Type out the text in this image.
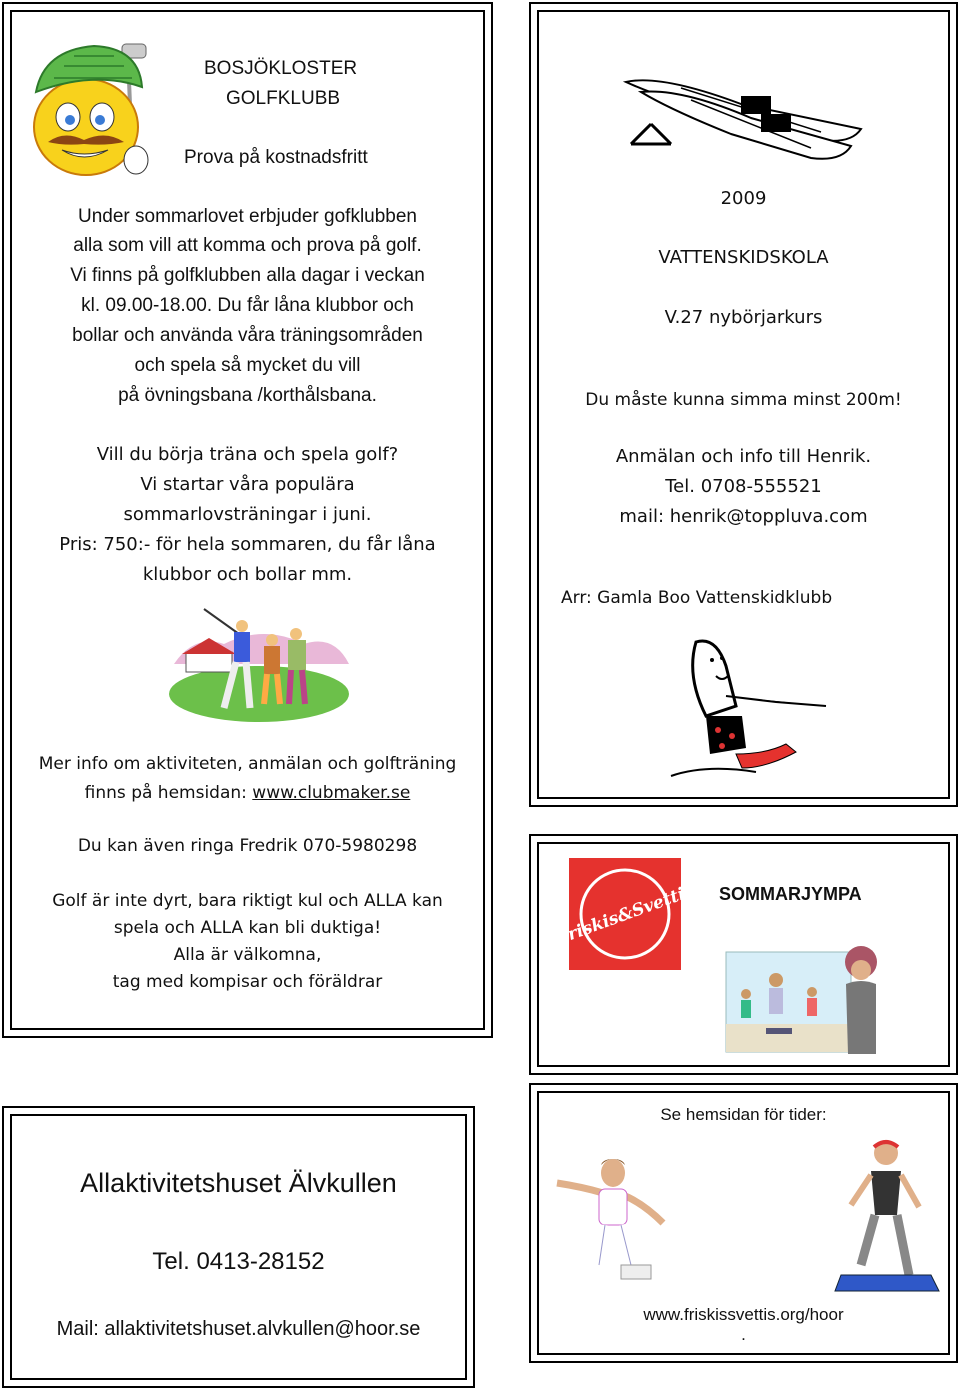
BOSJÖKLOSTER
GOLFKLUBB
Prova på kostnadsfritt
Under sommarlovet erbjuder gofklubben
alla som vill att komma och prova på golf.
Vi finns på golfklubben alla dagar i veckan
kl. 09.00-18.00. Du får låna klubbor och
bollar och använda våra träningsområden
och spela så mycket du vill
på övningsbana /korthålsbana.
Vill du börja träna och spela golf?
Vi startar våra populära
sommarlovsträningar i juni.
Pris: 750:- för hela sommaren, du får låna
klubbor och bollar mm.
Mer info om aktiviteten, anmälan och golfträning
finns på hemsidan: www.clubmaker.se
Du kan även ringa Fredrik 070-5980298
Golf är inte dyrt, bara riktigt kul och ALLA kan
spela och ALLA kan bli duktiga!
Alla är välkomna,
tag med kompisar och föräldrar
2009
VATTENSKIDSKOLA
V.27 nybörjarkurs
Du måste kunna simma minst 200m!
Anmälan och info till Henrik.
Tel. 0708-555521
mail: henrik@toppluva.com
Arr: Gamla Boo Vattenskidklubb
Friskis&Svettis SOMMARJYMPA
Allaktivitetshuset Älvkullen
Tel. 0413-28152
Mail: allaktivitetshuset.alvkullen@hoor.se
Se hemsidan för tider:
www.friskissvettis.org/hoor
.
